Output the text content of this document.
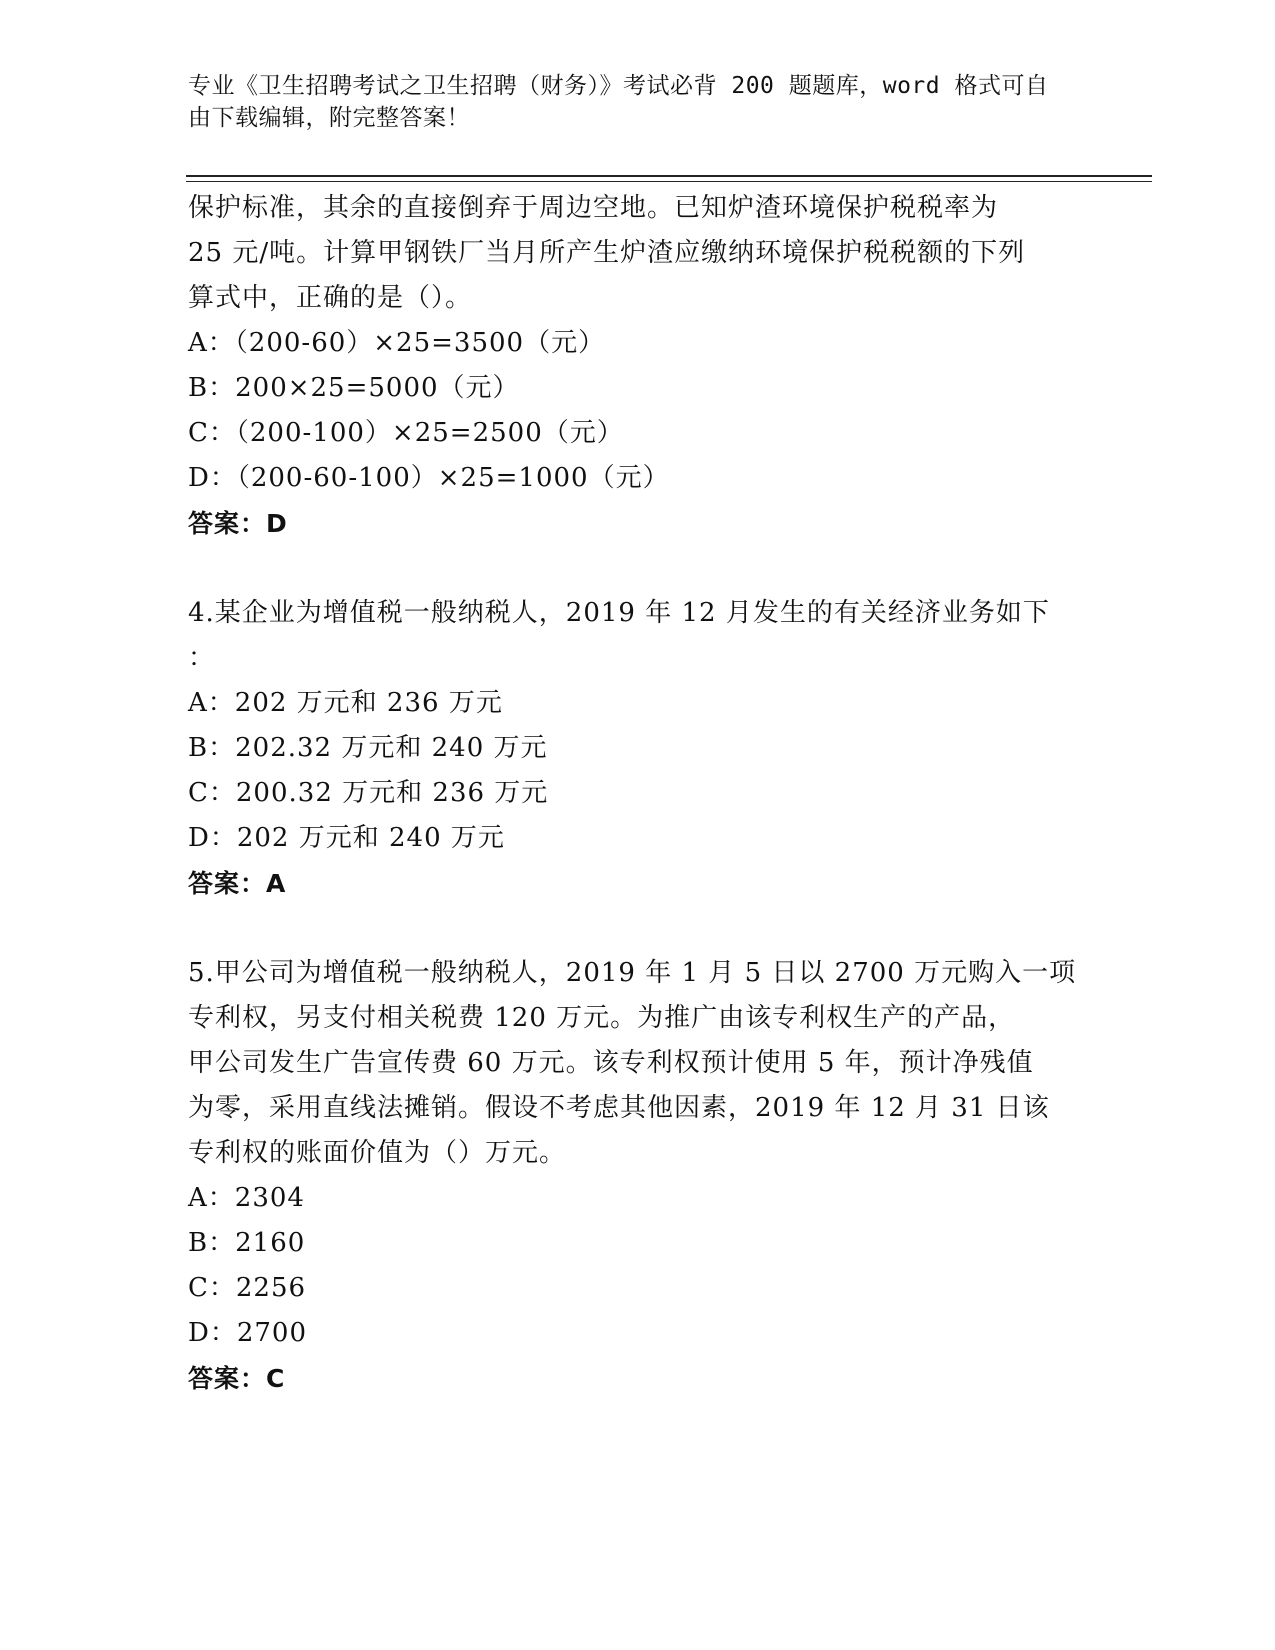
专业《卫生招聘考试之卫生招聘（财务）》考试必背 200 题题库，word 格式可自
由下载编辑，附完整答案！

保护标准，其余的直接倒弃于周边空地。已知炉渣环境保护税税率为

25 元/吨。计算甲钢铁厂当月所产生炉渣应缴纳环境保护税税额的下列

算式中，正确的是（）。

A：（200-60）×25=3500（元）

B：200×25=5000（元）

C：（200-100）×25=2500（元）

D：（200-60-100）×25=1000（元）

答案：D

4.某企业为增值税一般纳税人，2019 年 12 月发生的有关经济业务如下

：

A：202 万元和 236 万元

B：202.32 万元和 240 万元

C：200.32 万元和 236 万元

D：202 万元和 240 万元

答案：A

5.甲公司为增值税一般纳税人，2019 年 1 月 5 日以 2700 万元购入一项

专利权，另支付相关税费 120 万元。为推广由该专利权生产的产品，

甲公司发生广告宣传费 60 万元。该专利权预计使用 5 年，预计净残值

为零，采用直线法摊销。假设不考虑其他因素，2019 年 12 月 31 日该

专利权的账面价值为（）万元。

A：2304

B：2160

C：2256

D：2700

答案：C
